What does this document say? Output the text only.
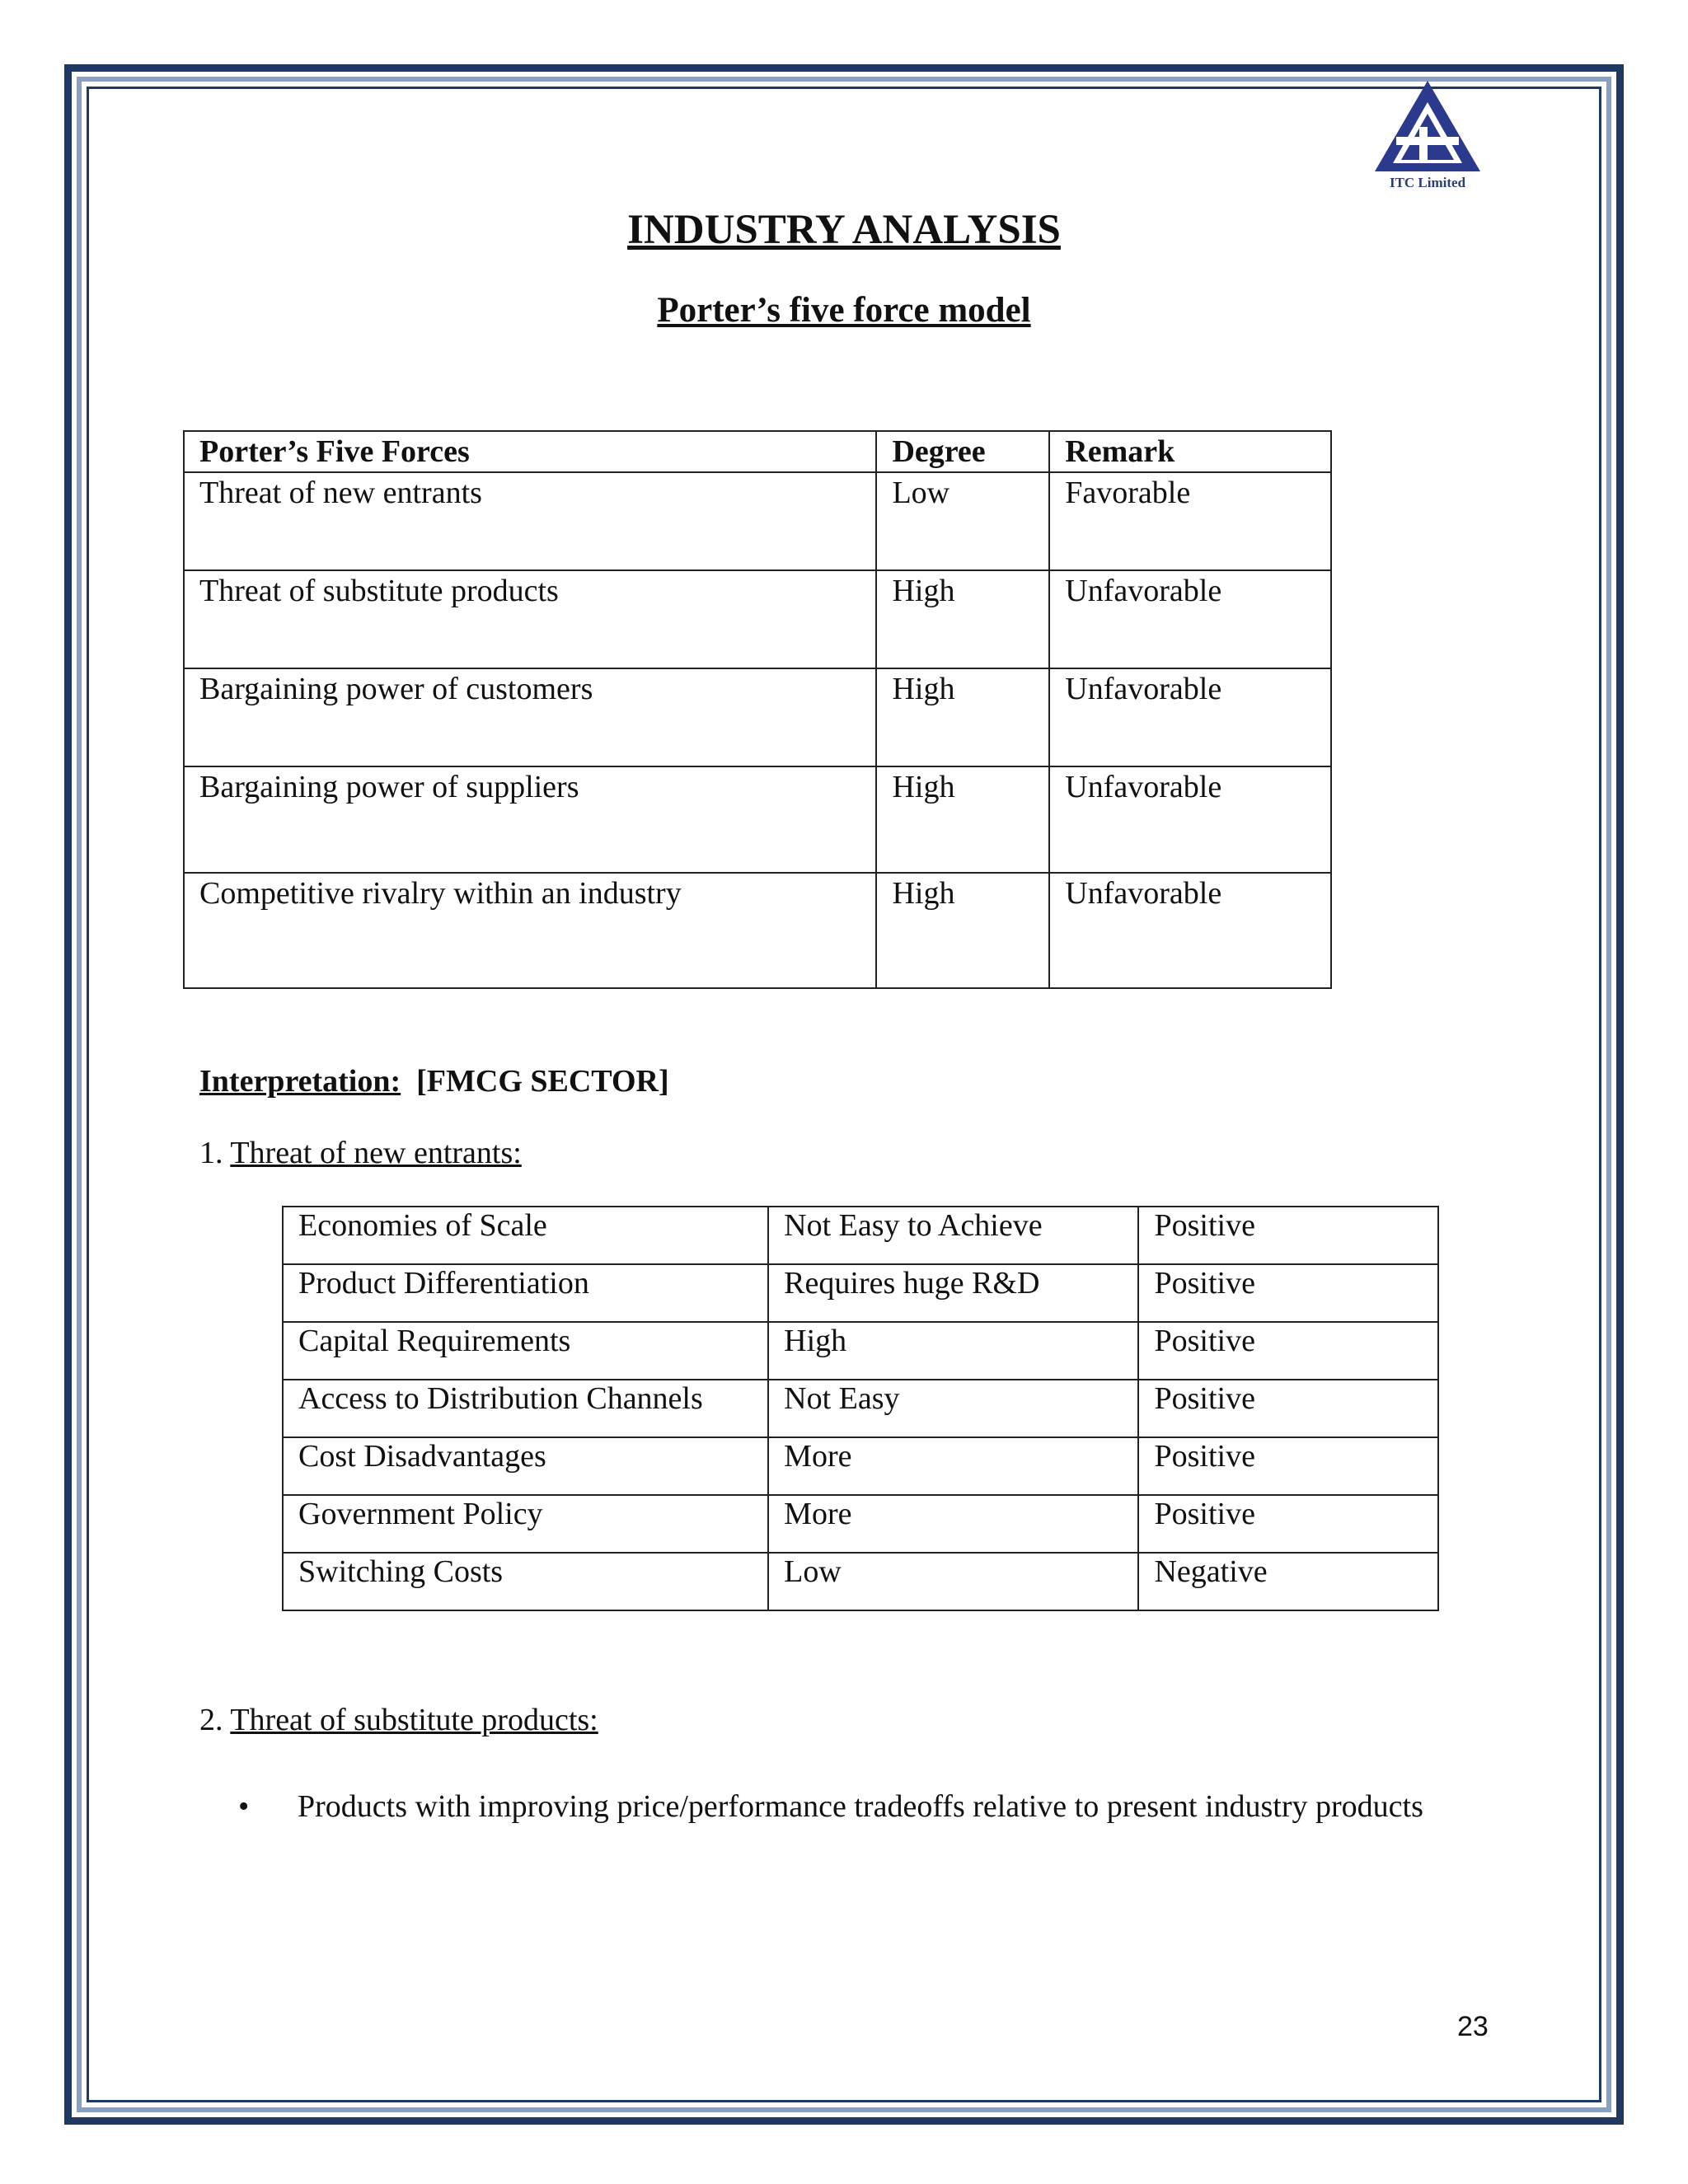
ITC Limited
INDUSTRY ANALYSIS
Porter’s five force model
Porter’s Five Forces	Degree	Remark
Threat of new entrants	Low	Favorable
Threat of substitute products	High	Unfavorable
Bargaining power of customers	High	Unfavorable
Bargaining power of suppliers	High	Unfavorable
Competitive rivalry within an industry	High	Unfavorable
Interpretation: [FMCG SECTOR]
1. Threat of new entrants:
Economies of Scale	Not Easy to Achieve	Positive
Product Differentiation	Requires huge R&D	Positive
Capital Requirements	High	Positive
Access to Distribution Channels	Not Easy	Positive
Cost Disadvantages	More	Positive
Government Policy	More	Positive
Switching Costs	Low	Negative
2. Threat of substitute products:
• Products with improving price/performance tradeoffs relative to present industry products
23
